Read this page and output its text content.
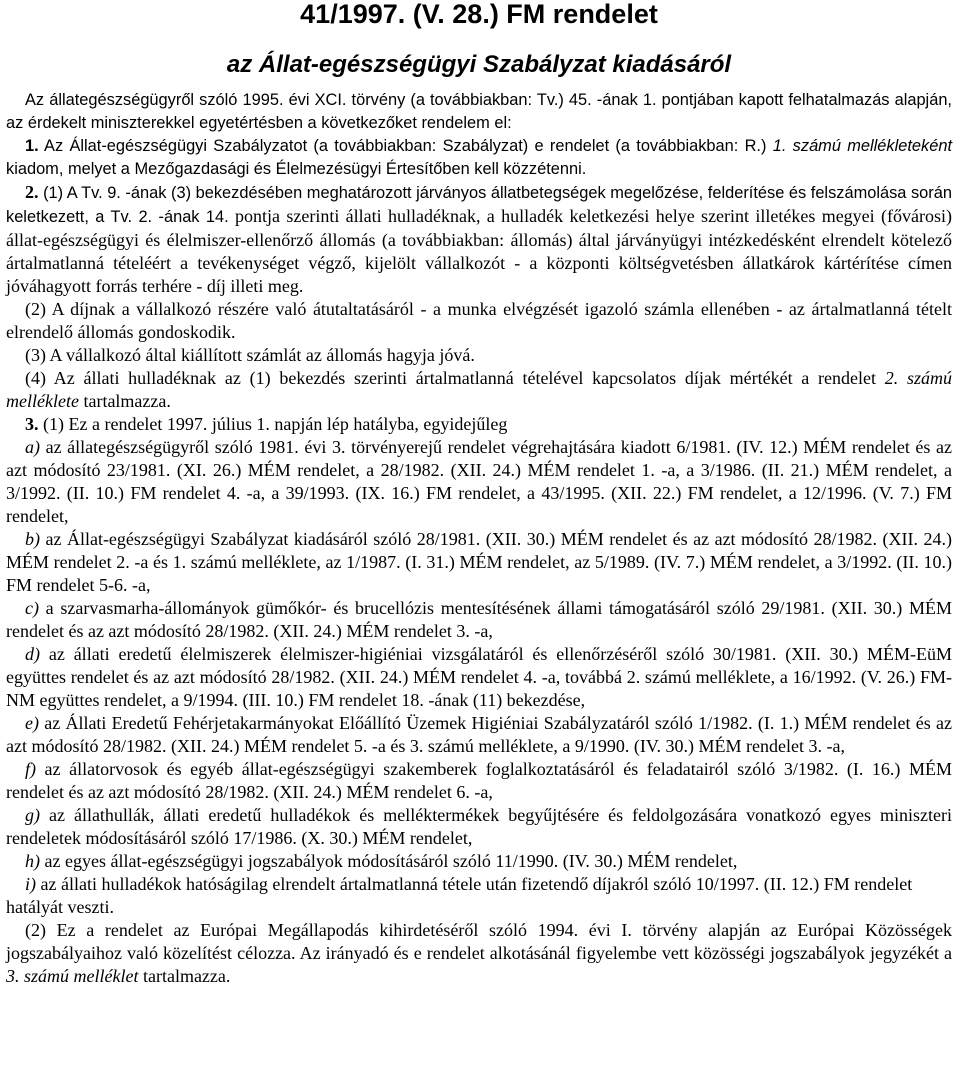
41/1997. (V. 28.) FM rendelet
az Állat-egészségügyi Szabályzat kiadásáról

Az állategészségügyről szóló 1995. évi XCI. törvény (a továbbiakban: Tv.) 45. -ának 1. pontjában kapott felhatalmazás alapján, az érdekelt miniszterekkel egyetértésben a következőket rendelem el:

1. Az Állat-egészségügyi Szabályzatot (a továbbiakban: Szabályzat) e rendelet (a továbbiakban: R.) 1. számú mellékleteként kiadom, melyet a Mezőgazdasági és Élelmezésügyi Értesítőben kell közzétenni.

2. (1) A Tv. 9. -ának (3) bekezdésében meghatározott járványos állatbetegségek megelőzése, felderítése és felszámolása során keletkezett, a Tv. 2. -ának 14. pontja szerinti állati hulladéknak, a hulladék keletkezési helye szerint illetékes megyei (fővárosi) állat-egészségügyi és élelmiszer-ellenőrző állomás (a továbbiakban: állomás) által járványügyi intézkedésként elrendelt kötelező ártalmatlanná tételéért a tevékenységet végző, kijelölt vállalkozót - a központi költségvetésben állatkárok kártérítése címen jóváhagyott forrás terhére - díj illeti meg.

(2) A díjnak a vállalkozó részére való átutaltatásáról - a munka elvégzését igazoló számla ellenében - az ártalmatlanná tételt elrendelő állomás gondoskodik.

(3) A vállalkozó által kiállított számlát az állomás hagyja jóvá.

(4) Az állati hulladéknak az (1) bekezdés szerinti ártalmatlanná tételével kapcsolatos díjak mértékét a rendelet 2. számú melléklete tartalmazza.

3. (1) Ez a rendelet 1997. július 1. napján lép hatályba, egyidejűleg

a) az állategészségügyről szóló 1981. évi 3. törvényerejű rendelet végrehajtására kiadott 6/1981. (IV. 12.) MÉM rendelet és az azt módosító 23/1981. (XI. 26.) MÉM rendelet, a 28/1982. (XII. 24.) MÉM rendelet 1. -a, a 3/1986. (II. 21.) MÉM rendelet, a 3/1992. (II. 10.) FM rendelet 4. -a, a 39/1993. (IX. 16.) FM rendelet, a 43/1995. (XII. 22.) FM rendelet, a 12/1996. (V. 7.) FM rendelet,

b) az Állat-egészségügyi Szabályzat kiadásáról szóló 28/1981. (XII. 30.) MÉM rendelet és az azt módosító 28/1982. (XII. 24.) MÉM rendelet 2. -a és 1. számú melléklete, az 1/1987. (I. 31.) MÉM rendelet, az 5/1989. (IV. 7.) MÉM rendelet, a 3/1992. (II. 10.) FM rendelet 5-6. -a,

c) a szarvasmarha-állományok gümőkór- és brucellózis mentesítésének állami támogatásáról szóló 29/1981. (XII. 30.) MÉM rendelet és az azt módosító 28/1982. (XII. 24.) MÉM rendelet 3. -a,

d) az állati eredetű élelmiszerek élelmiszer-higiéniai vizsgálatáról és ellenőrzéséről szóló 30/1981. (XII. 30.) MÉM-EüM együttes rendelet és az azt módosító 28/1982. (XII. 24.) MÉM rendelet 4. -a, továbbá 2. számú melléklete, a 16/1992. (V. 26.) FM-NM együttes rendelet, a 9/1994. (III. 10.) FM rendelet 18. -ának (11) bekezdése,

e) az Állati Eredetű Fehérjetakarmányokat Előállító Üzemek Higiéniai Szabályzatáról szóló 1/1982. (I. 1.) MÉM rendelet és az azt módosító 28/1982. (XII. 24.) MÉM rendelet 5. -a és 3. számú melléklete, a 9/1990. (IV. 30.) MÉM rendelet 3. -a,

f) az állatorvosok és egyéb állat-egészségügyi szakemberek foglalkoztatásáról és feladatairól szóló 3/1982. (I. 16.) MÉM rendelet és az azt módosító 28/1982. (XII. 24.) MÉM rendelet 6. -a,

g) az állathullák, állati eredetű hulladékok és melléktermékek begyűjtésére és feldolgozására vonatkozó egyes miniszteri rendeletek módosításáról szóló 17/1986. (X. 30.) MÉM rendelet,

h) az egyes állat-egészségügyi jogszabályok módosításáról szóló 11/1990. (IV. 30.) MÉM rendelet,

i) az állati hulladékok hatóságilag elrendelt ártalmatlanná tétele után fizetendő díjakról szóló 10/1997. (II. 12.) FM rendelet

hatályát veszti.

(2) Ez a rendelet az Európai Megállapodás kihirdetéséről szóló 1994. évi I. törvény alapján az Európai Közösségek jogszabályaihoz való közelítést célozza. Az irányadó és e rendelet alkotásánál figyelembe vett közösségi jogszabályok jegyzékét a 3. számú melléklet tartalmazza.
